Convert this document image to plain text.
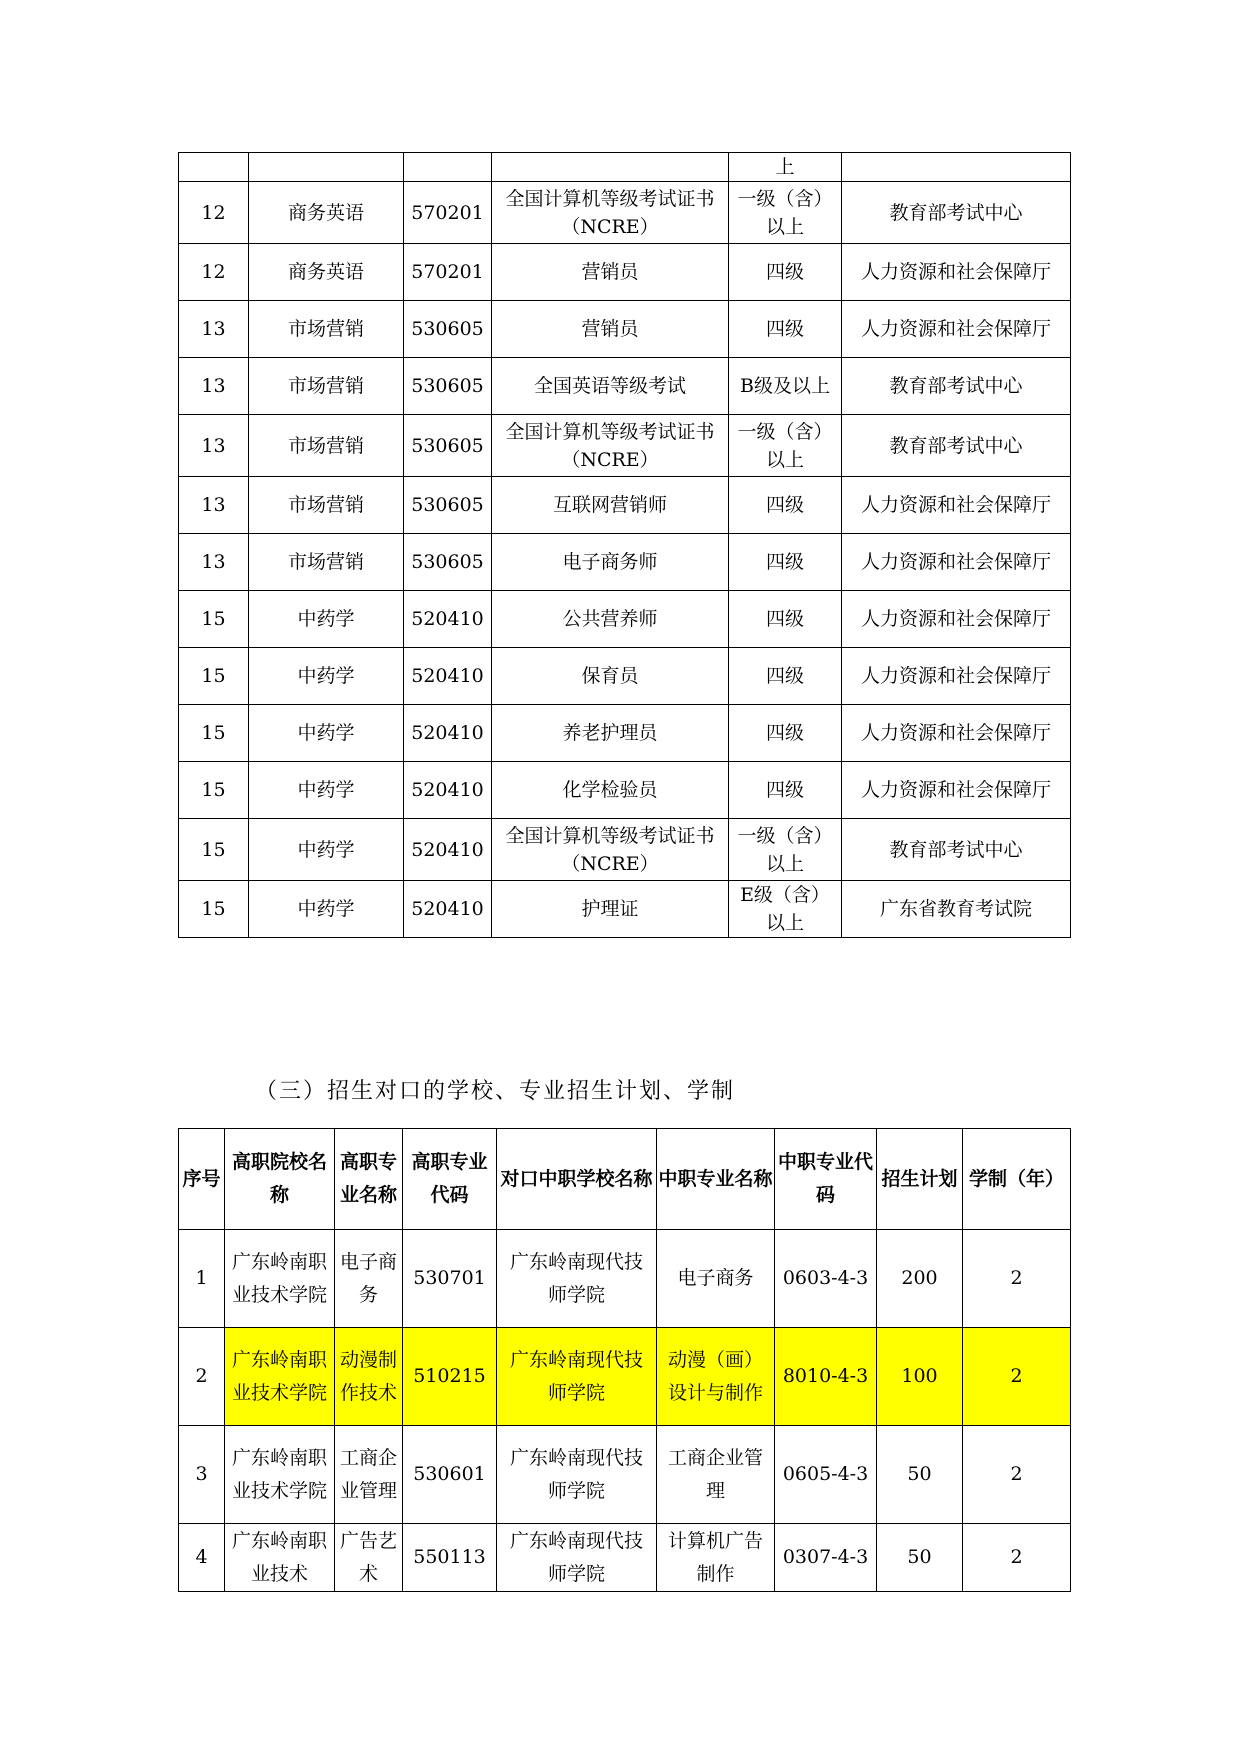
				上	
12	商务英语	570201	全国计算机等级考试证书（NCRE）	一级（含）以上	教育部考试中心
12	商务英语	570201	营销员	四级	人力资源和社会保障厅
13	市场营销	530605	营销员	四级	人力资源和社会保障厅
13	市场营销	530605	全国英语等级考试	B级及以上	教育部考试中心
13	市场营销	530605	全国计算机等级考试证书（NCRE）	一级（含）以上	教育部考试中心
13	市场营销	530605	互联网营销师	四级	人力资源和社会保障厅
13	市场营销	530605	电子商务师	四级	人力资源和社会保障厅
15	中药学	520410	公共营养师	四级	人力资源和社会保障厅
15	中药学	520410	保育员	四级	人力资源和社会保障厅
15	中药学	520410	养老护理员	四级	人力资源和社会保障厅
15	中药学	520410	化学检验员	四级	人力资源和社会保障厅
15	中药学	520410	全国计算机等级考试证书（NCRE）	一级（含）以上	教育部考试中心
15	中药学	520410	护理证	E级（含）以上	广东省教育考试院
（三）招生对口的学校、专业招生计划、学制
序号	高职院校名称	高职专业名称	高职专业代码	对口中职学校名称	中职专业名称	中职专业代码	招生计划	学制（年）
1	广东岭南职业技术学院	电子商务	530701	广东岭南现代技师学院	电子商务	0603-4-3	200	2
2	广东岭南职业技术学院	动漫制作技术	510215	广东岭南现代技师学院	动漫（画）设计与制作	8010-4-3	100	2
3	广东岭南职业技术学院	工商企业管理	530601	广东岭南现代技师学院	工商企业管理	0605-4-3	50	2
4	广东岭南职业技术	广告艺术	550113	广东岭南现代技师学院	计算机广告制作	0307-4-3	50	2
